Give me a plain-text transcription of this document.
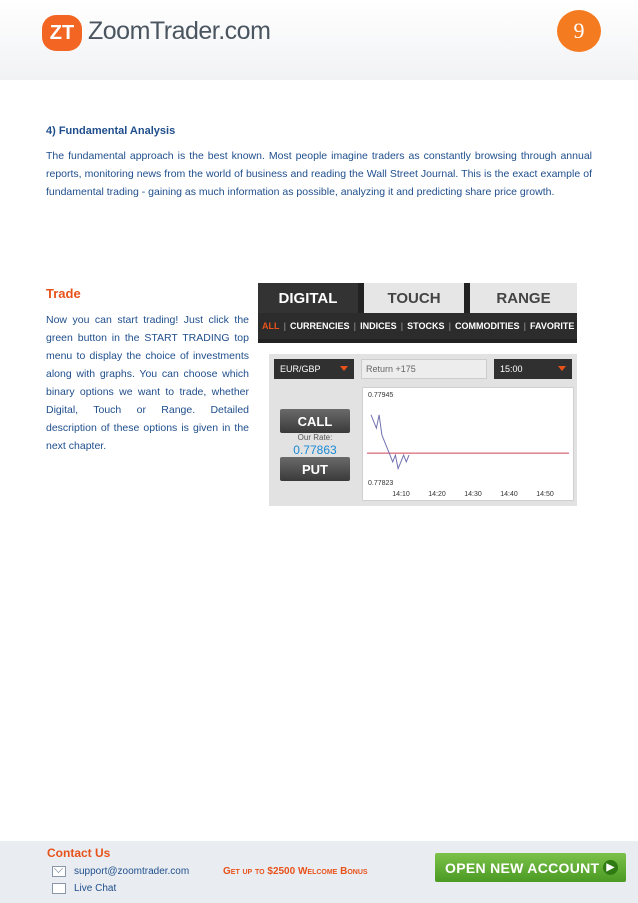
ZT ZoomTrader.com	9
4) Fundamental Analysis
The fundamental approach is the best known. Most people imagine traders as constantly browsing through annual reports, monitoring news from the world of business and reading the Wall Street Journal. This is the exact example of fundamental trading - gaining as much information as possible, analyzing it and predicting share price growth.
Trade
Now you can start trading! Just click the green button in the START TRADING top menu to display the choice of investments along with graphs. You can choose which binary options we want to trade, whether Digital, Touch or Range. Detailed description of these options is given in the next chapter.
DIGITAL	TOUCH	RANGE
ALL | CURRENCIES | INDICES | STOCKS | COMMODITIES | FAVORITE
EUR/GBP	Return +175	15:00
CALL
Our Rate:
0.77863
PUT
0.77945
0.77823
14:10	14:20	14:30	14:40	14:50
Contact Us
support@zoomtrader.com
Live Chat
Get up to $2500 Welcome Bonus	OPEN NEW ACCOUNT ▶
